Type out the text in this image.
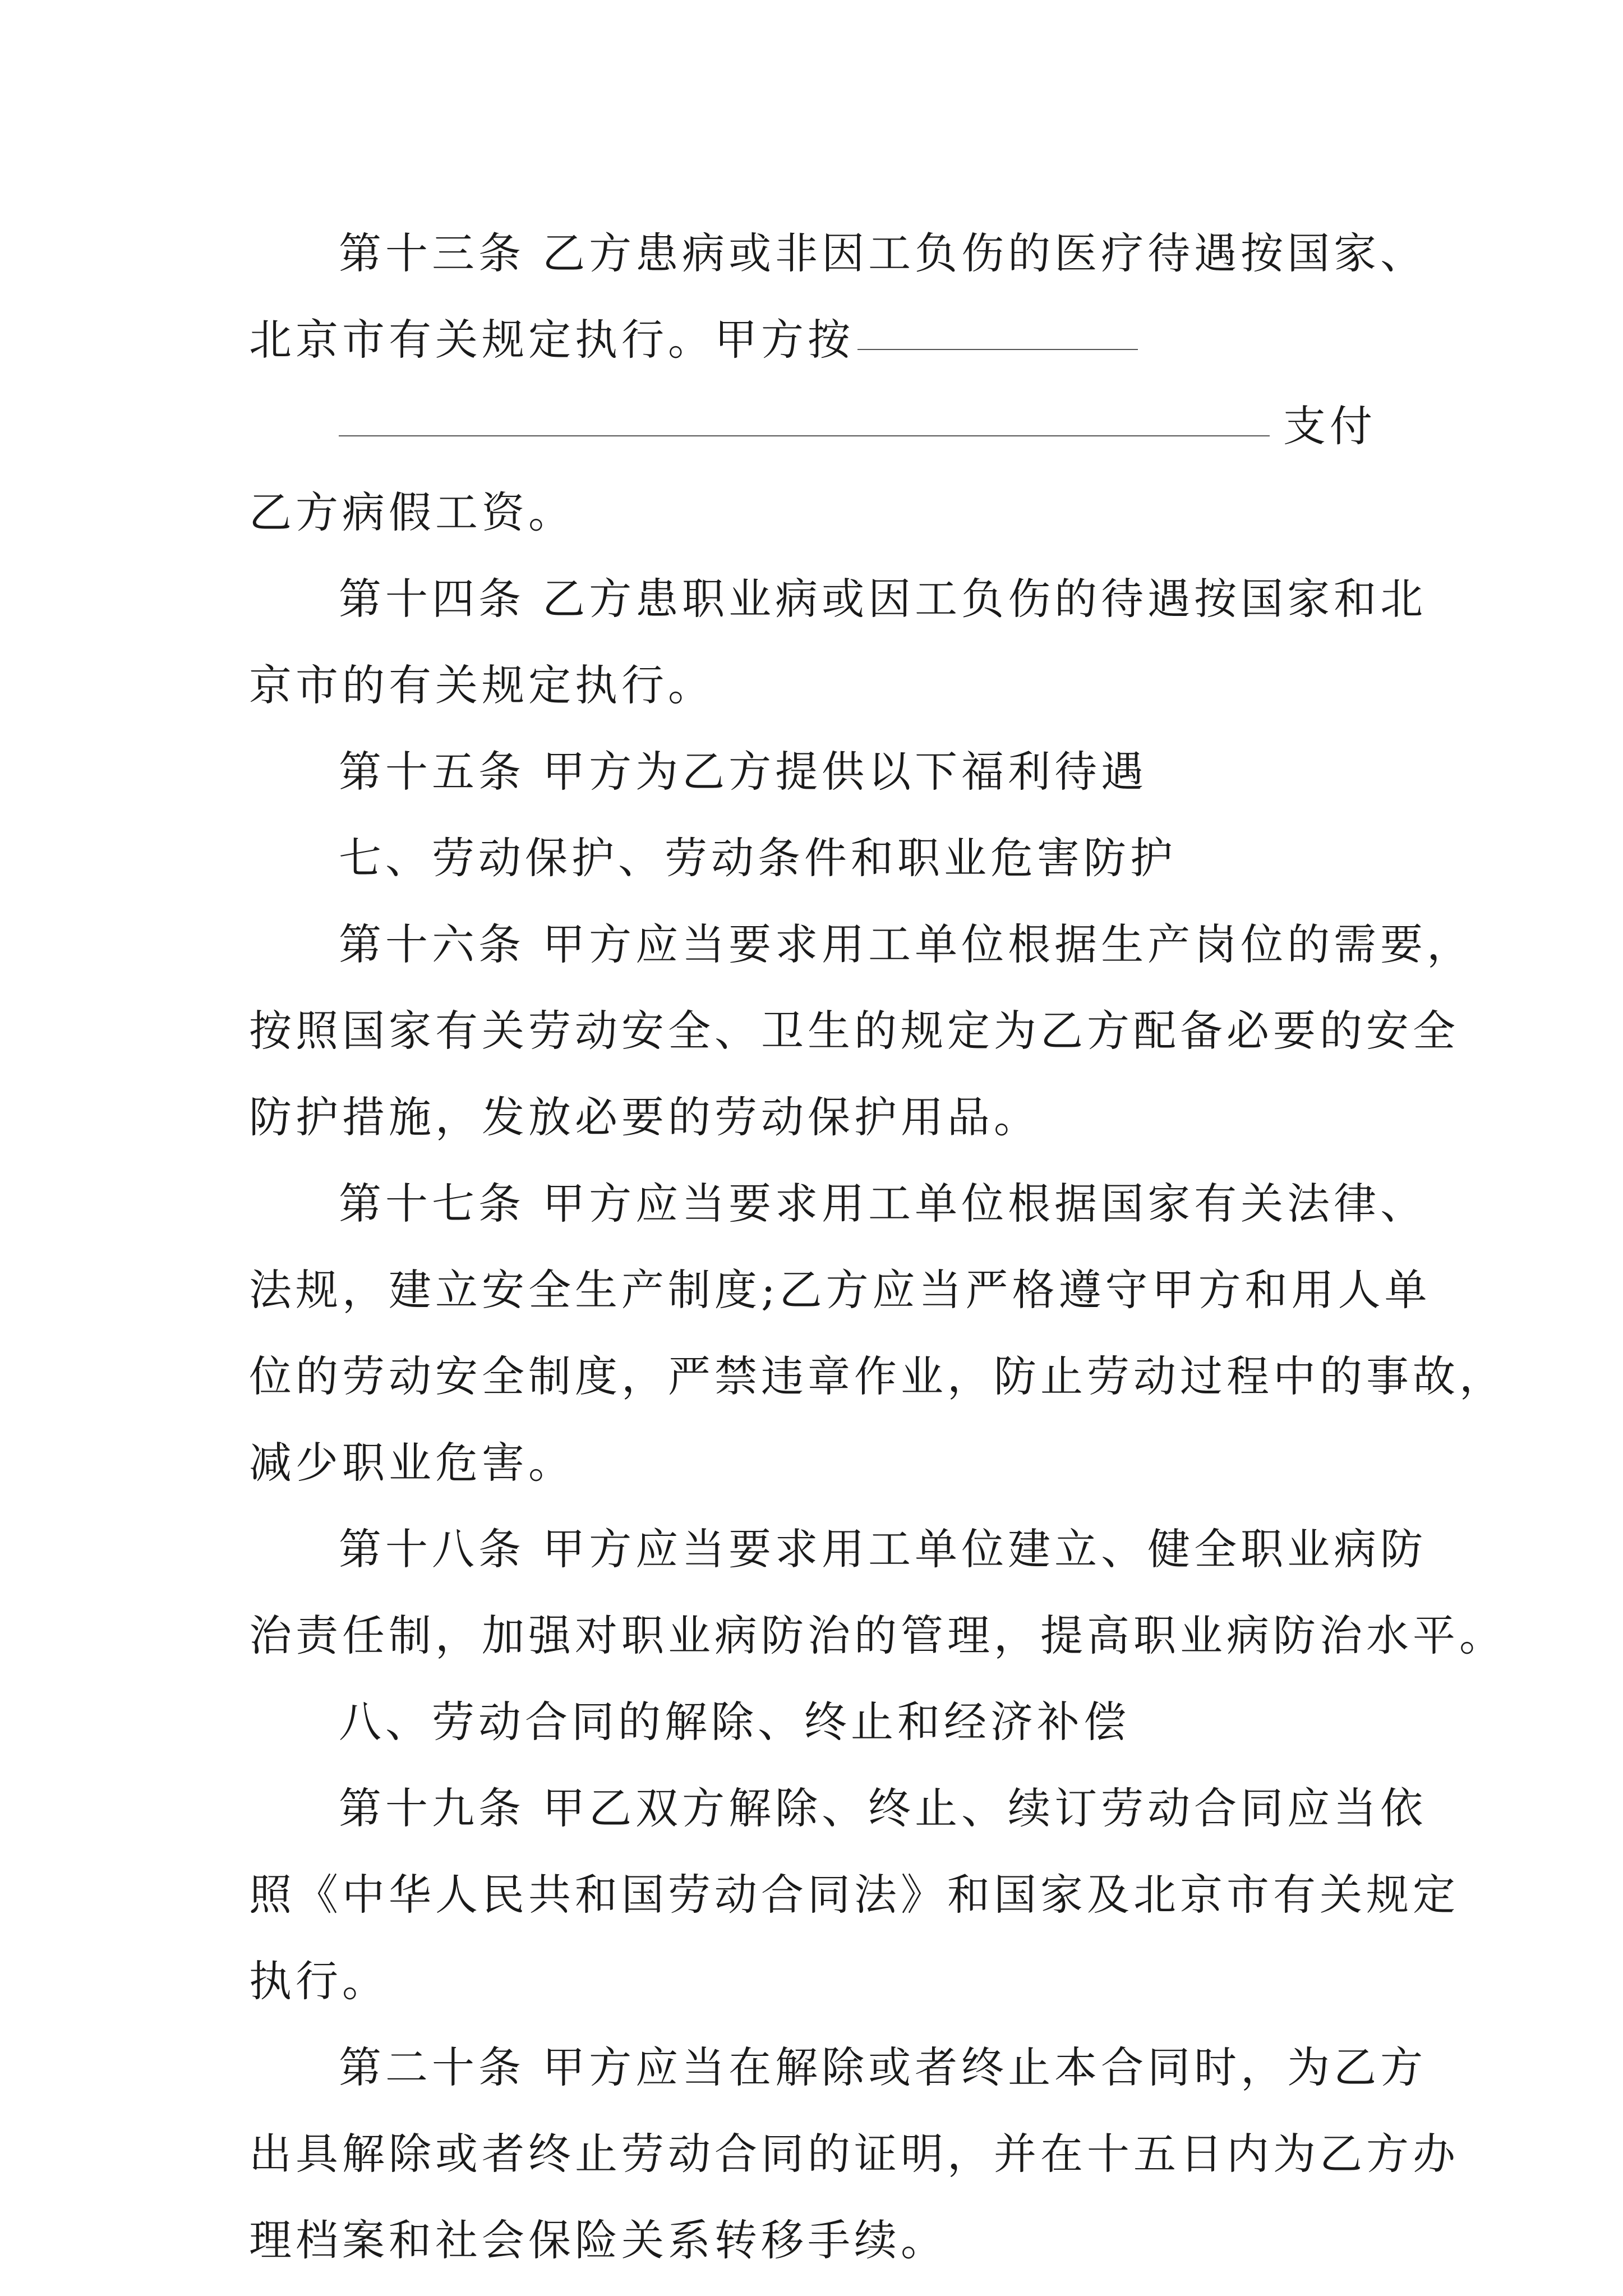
第十三条 乙方患病或非因工负伤的医疗待遇按国家、
北京市有关规定执行。甲方按
支付
乙方病假工资。
第十四条 乙方患职业病或因工负伤的待遇按国家和北
京市的有关规定执行。
第十五条 甲方为乙方提供以下福利待遇
七、劳动保护、劳动条件和职业危害防护
第十六条 甲方应当要求用工单位根据生产岗位的需要，
按照国家有关劳动安全、卫生的规定为乙方配备必要的安全
防护措施，发放必要的劳动保护用品。
第十七条 甲方应当要求用工单位根据国家有关法律、
法规，建立安全生产制度;乙方应当严格遵守甲方和用人单
位的劳动安全制度，严禁违章作业，防止劳动过程中的事故，
减少职业危害。
第十八条 甲方应当要求用工单位建立、健全职业病防
治责任制，加强对职业病防治的管理，提高职业病防治水平。
八、劳动合同的解除、终止和经济补偿
第十九条 甲乙双方解除、终止、续订劳动合同应当依
照《中华人民共和国劳动合同法》和国家及北京市有关规定
执行。
第二十条 甲方应当在解除或者终止本合同时，为乙方
出具解除或者终止劳动合同的证明，并在十五日内为乙方办
理档案和社会保险关系转移手续。
